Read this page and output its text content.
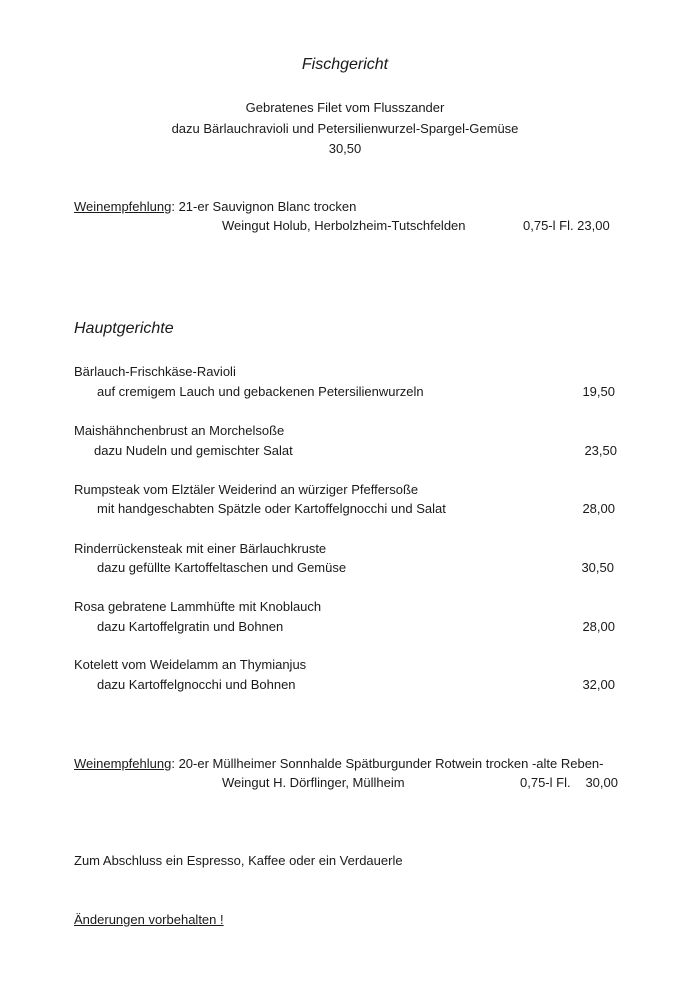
Fischgericht
Gebratenes Filet vom Flusszander
dazu Bärlauchravioli und Petersilienwurzel-Spargel-Gemüse
30,50
Weinempfehlung: 21-er Sauvignon Blanc trocken
Weingut Holub, Herbolzheim-Tutschfelden	0,75-l Fl. 23,00
Hauptgerichte
Bärlauch-Frischkäse-Ravioli
auf cremigem Lauch und gebackenen Petersilienwurzeln	19,50
Maishähnchenbrust an Morchelsoße
dazu Nudeln und gemischter Salat	23,50
Rumpsteak vom Elztäler Weiderind an würziger Pfeffersoße
mit handgeschabten Spätzle oder Kartoffelgnocchi und Salat	28,00
Rinderrückensteak mit einer Bärlauchkruste
dazu gefüllte Kartoffeltaschen und Gemüse	30,50
Rosa gebratene Lammhüfte mit Knoblauch
dazu Kartoffelgratin und Bohnen	28,00
Kotelett vom Weidelamm an Thymianjus
dazu Kartoffelgnocchi und Bohnen	32,00
Weinempfehlung: 20-er Müllheimer Sonnhalde Spätburgunder Rotwein trocken -alte Reben-
Weingut H. Dörflinger, Müllheim	0,75-l Fl. 30,00
Zum Abschluss ein Espresso, Kaffee oder ein Verdauerle
Änderungen vorbehalten !
